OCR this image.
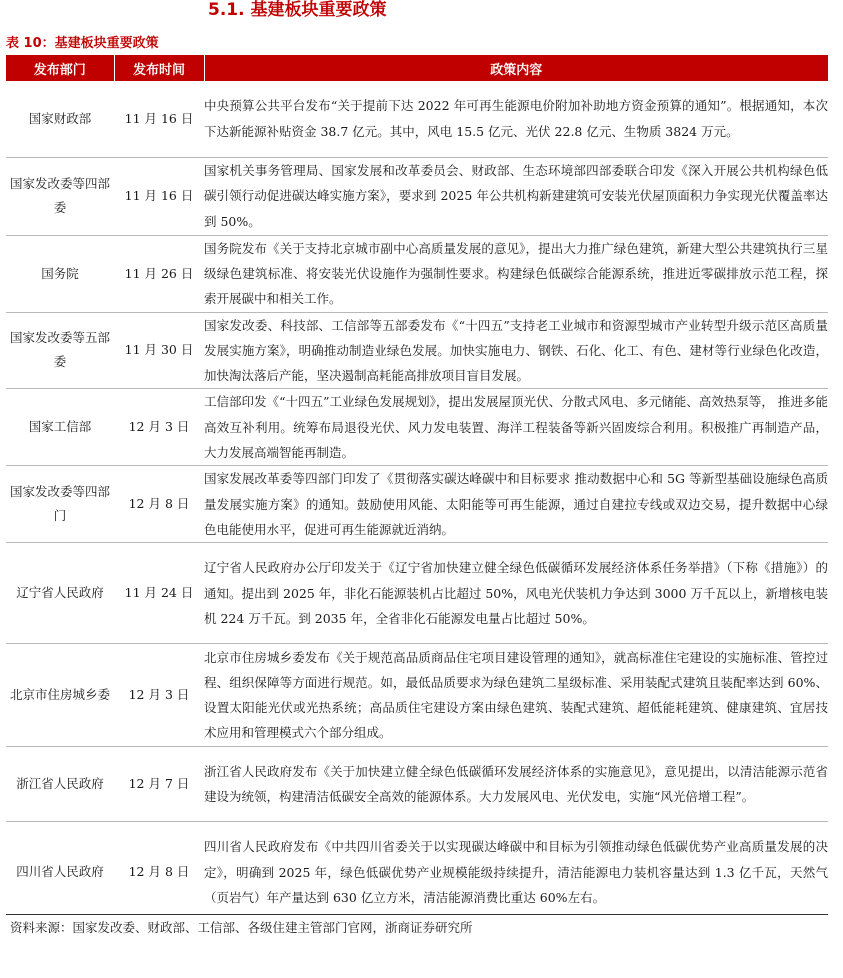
5.1. 基建板块重要政策
表 10：基建板块重要政策
发布部门	发布时间	政策内容
国家财政部	11 月 16 日	中央预算公共平台发布“关于提前下达 2022 年可再生能源电价附加补助地方资金预算的通知”。根据通知，本次下达新能源补贴资金 38.7 亿元。其中，风电 15.5 亿元、光伏 22.8 亿元、生物质 3824 万元。
国家发改委等四部委	11 月 16 日	国家机关事务管理局、国家发展和改革委员会、财政部、生态环境部四部委联合印发《深入开展公共机构绿色低碳引领行动促进碳达峰实施方案》，要求到 2025 年公共机构新建建筑可安装光伏屋顶面积力争实现光伏覆盖率达到 50%。
国务院	11 月 26 日	国务院发布《关于支持北京城市副中心高质量发展的意见》，提出大力推广绿色建筑，新建大型公共建筑执行三星级绿色建筑标准、将安装光伏设施作为强制性要求。构建绿色低碳综合能源系统，推进近零碳排放示范工程，探索开展碳中和相关工作。
国家发改委等五部委	11 月 30 日	国家发改委、科技部、工信部等五部委发布《“十四五”支持老工业城市和资源型城市产业转型升级示范区高质量发展实施方案》，明确推动制造业绿色发展。加快实施电力、钢铁、石化、化工、有色、建材等行业绿色化改造，加快淘汰落后产能，坚决遏制高耗能高排放项目盲目发展。
国家工信部	12 月 3 日	工信部印发《“十四五”工业绿色发展规划》，提出发展屋顶光伏、分散式风电、多元储能、高效热泵等， 推进多能高效互补利用。统筹布局退役光伏、风力发电装置、海洋工程装备等新兴固废综合利用。积极推广再制造产品，大力发展高端智能再制造。
国家发改委等四部门	12 月 8 日	国家发展改革委等四部门印发了《贯彻落实碳达峰碳中和目标要求 推动数据中心和 5G 等新型基础设施绿色高质量发展实施方案》的通知。鼓励使用风能、太阳能等可再生能源，通过自建拉专线或双边交易，提升数据中心绿色电能使用水平，促进可再生能源就近消纳。
辽宁省人民政府	11 月 24 日	辽宁省人民政府办公厅印发关于《辽宁省加快建立健全绿色低碳循环发展经济体系任务举措》（下称《措施》）的通知。提出到 2025 年，非化石能源装机占比超过 50%，风电光伏装机力争达到 3000 万千瓦以上，新增核电装机 224 万千瓦。到 2035 年，全省非化石能源发电量占比超过 50%。
北京市住房城乡委	12 月 3 日	北京市住房城乡委发布《关于规范高品质商品住宅项目建设管理的通知》，就高标准住宅建设的实施标准、管控过程、组织保障等方面进行规范。如，最低品质要求为绿色建筑二星级标准、采用装配式建筑且装配率达到 60%、设置太阳能光伏或光热系统；高品质住宅建设方案由绿色建筑、装配式建筑、超低能耗建筑、健康建筑、宜居技术应用和管理模式六个部分组成。
浙江省人民政府	12 月 7 日	浙江省人民政府发布《关于加快建立健全绿色低碳循环发展经济体系的实施意见》，意见提出，以清洁能源示范省建设为统领，构建清洁低碳安全高效的能源体系。大力发展风电、光伏发电，实施“风光倍增工程”。
四川省人民政府	12 月 8 日	四川省人民政府发布《中共四川省委关于以实现碳达峰碳中和目标为引领推动绿色低碳优势产业高质量发展的决定》，明确到 2025 年，绿色低碳优势产业规模能级持续提升，清洁能源电力装机容量达到 1.3 亿千瓦，天然气（页岩气）年产量达到 630 亿立方米，清洁能源消费比重达 60%左右。
资料来源：国家发改委、财政部、工信部、各级住建主管部门官网，浙商证券研究所
